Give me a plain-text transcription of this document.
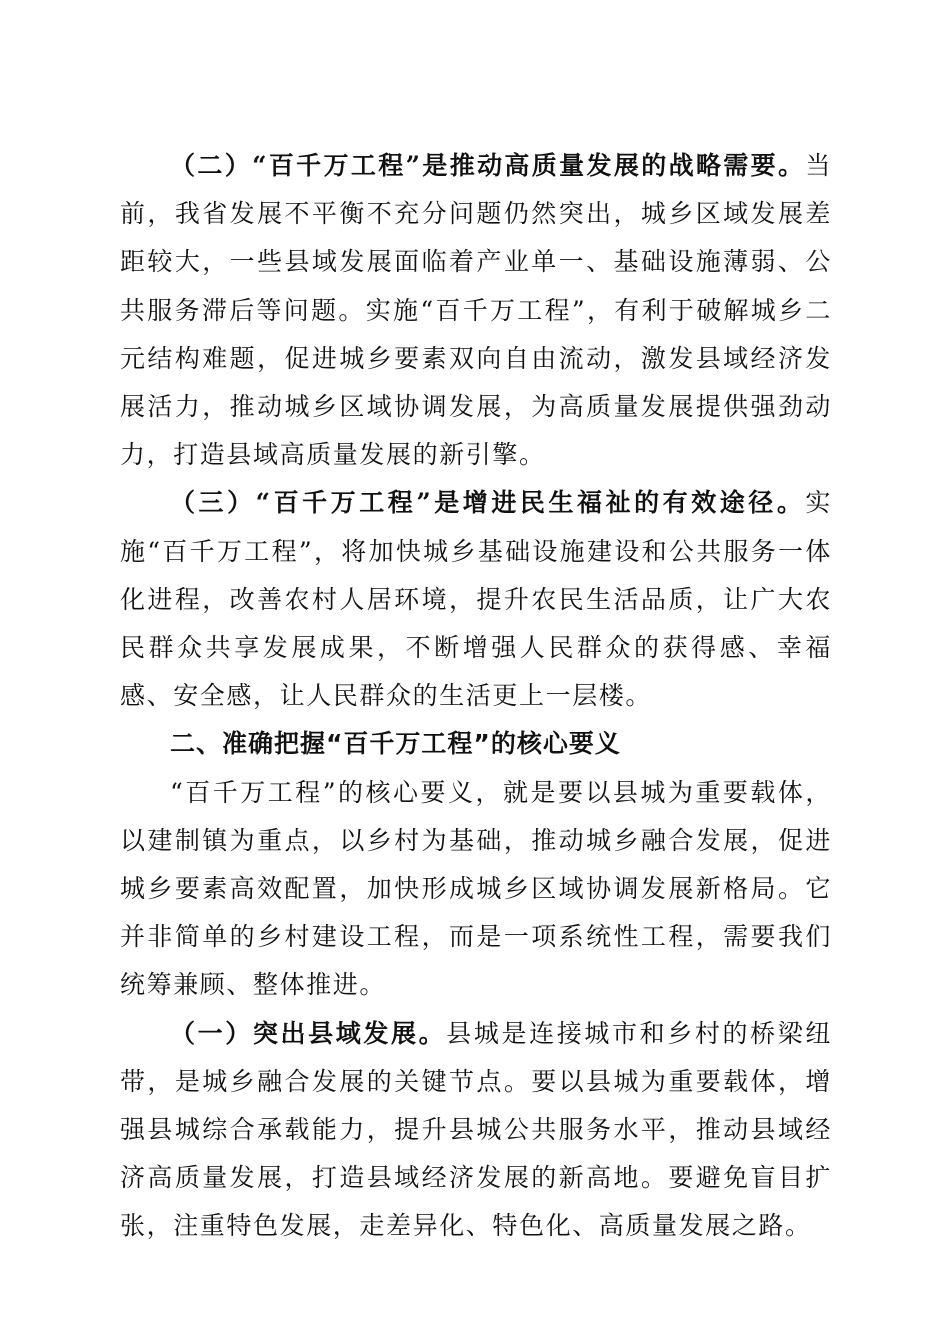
（二）“百千万工程”是推动高质量发展的战略需要。当前，我省发展不平衡不充分问题仍然突出，城乡区域发展差距较大，一些县域发展面临着产业单一、基础设施薄弱、公共服务滞后等问题。实施“百千万工程”，有利于破解城乡二元结构难题，促进城乡要素双向自由流动，激发县域经济发展活力，推动城乡区域协调发展，为高质量发展提供强劲动力，打造县域高质量发展的新引擎。

（三）“百千万工程”是增进民生福祉的有效途径。实施“百千万工程”，将加快城乡基础设施建设和公共服务一体化进程，改善农村人居环境，提升农民生活品质，让广大农民群众共享发展成果，不断增强人民群众的获得感、幸福感、安全感，让人民群众的生活更上一层楼。

二、准确把握“百千万工程”的核心要义

“百千万工程”的核心要义，就是要以县城为重要载体，以建制镇为重点，以乡村为基础，推动城乡融合发展，促进城乡要素高效配置，加快形成城乡区域协调发展新格局。它并非简单的乡村建设工程，而是一项系统性工程，需要我们统筹兼顾、整体推进。

（一）突出县域发展。县城是连接城市和乡村的桥梁纽带，是城乡融合发展的关键节点。要以县城为重要载体，增强县城综合承载能力，提升县城公共服务水平，推动县域经济高质量发展，打造县域经济发展的新高地。要避免盲目扩张，注重特色发展，走差异化、特色化、高质量发展之路。
